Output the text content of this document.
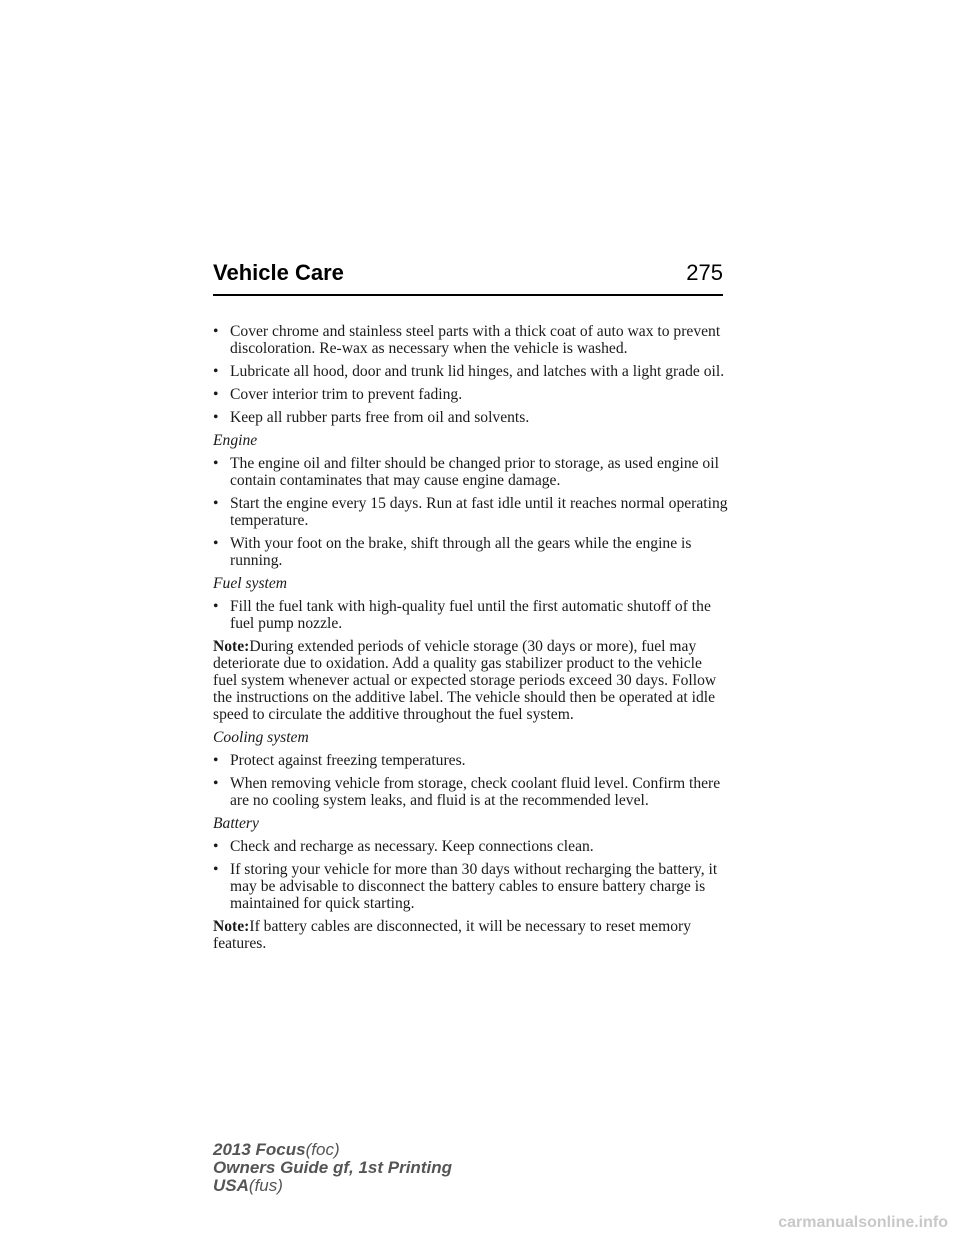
Vehicle Care	275
• Cover chrome and stainless steel parts with a thick coat of auto wax to prevent discoloration. Re-wax as necessary when the vehicle is washed.
• Lubricate all hood, door and trunk lid hinges, and latches with a light grade oil.
• Cover interior trim to prevent fading.
• Keep all rubber parts free from oil and solvents.
Engine
• The engine oil and filter should be changed prior to storage, as used engine oil contain contaminates that may cause engine damage.
• Start the engine every 15 days. Run at fast idle until it reaches normal operating temperature.
• With your foot on the brake, shift through all the gears while the engine is running.
Fuel system
• Fill the fuel tank with high-quality fuel until the first automatic shutoff of the fuel pump nozzle.
Note:During extended periods of vehicle storage (30 days or more), fuel may deteriorate due to oxidation. Add a quality gas stabilizer product to the vehicle fuel system whenever actual or expected storage periods exceed 30 days. Follow the instructions on the additive label. The vehicle should then be operated at idle speed to circulate the additive throughout the fuel system.
Cooling system
• Protect against freezing temperatures.
• When removing vehicle from storage, check coolant fluid level. Confirm there are no cooling system leaks, and fluid is at the recommended level.
Battery
• Check and recharge as necessary. Keep connections clean.
• If storing your vehicle for more than 30 days without recharging the battery, it may be advisable to disconnect the battery cables to ensure battery charge is maintained for quick starting.
Note:If battery cables are disconnected, it will be necessary to reset memory features.
2013 Focus(foc)
Owners Guide gf, 1st Printing
USA(fus)
carmanualsonline.info
